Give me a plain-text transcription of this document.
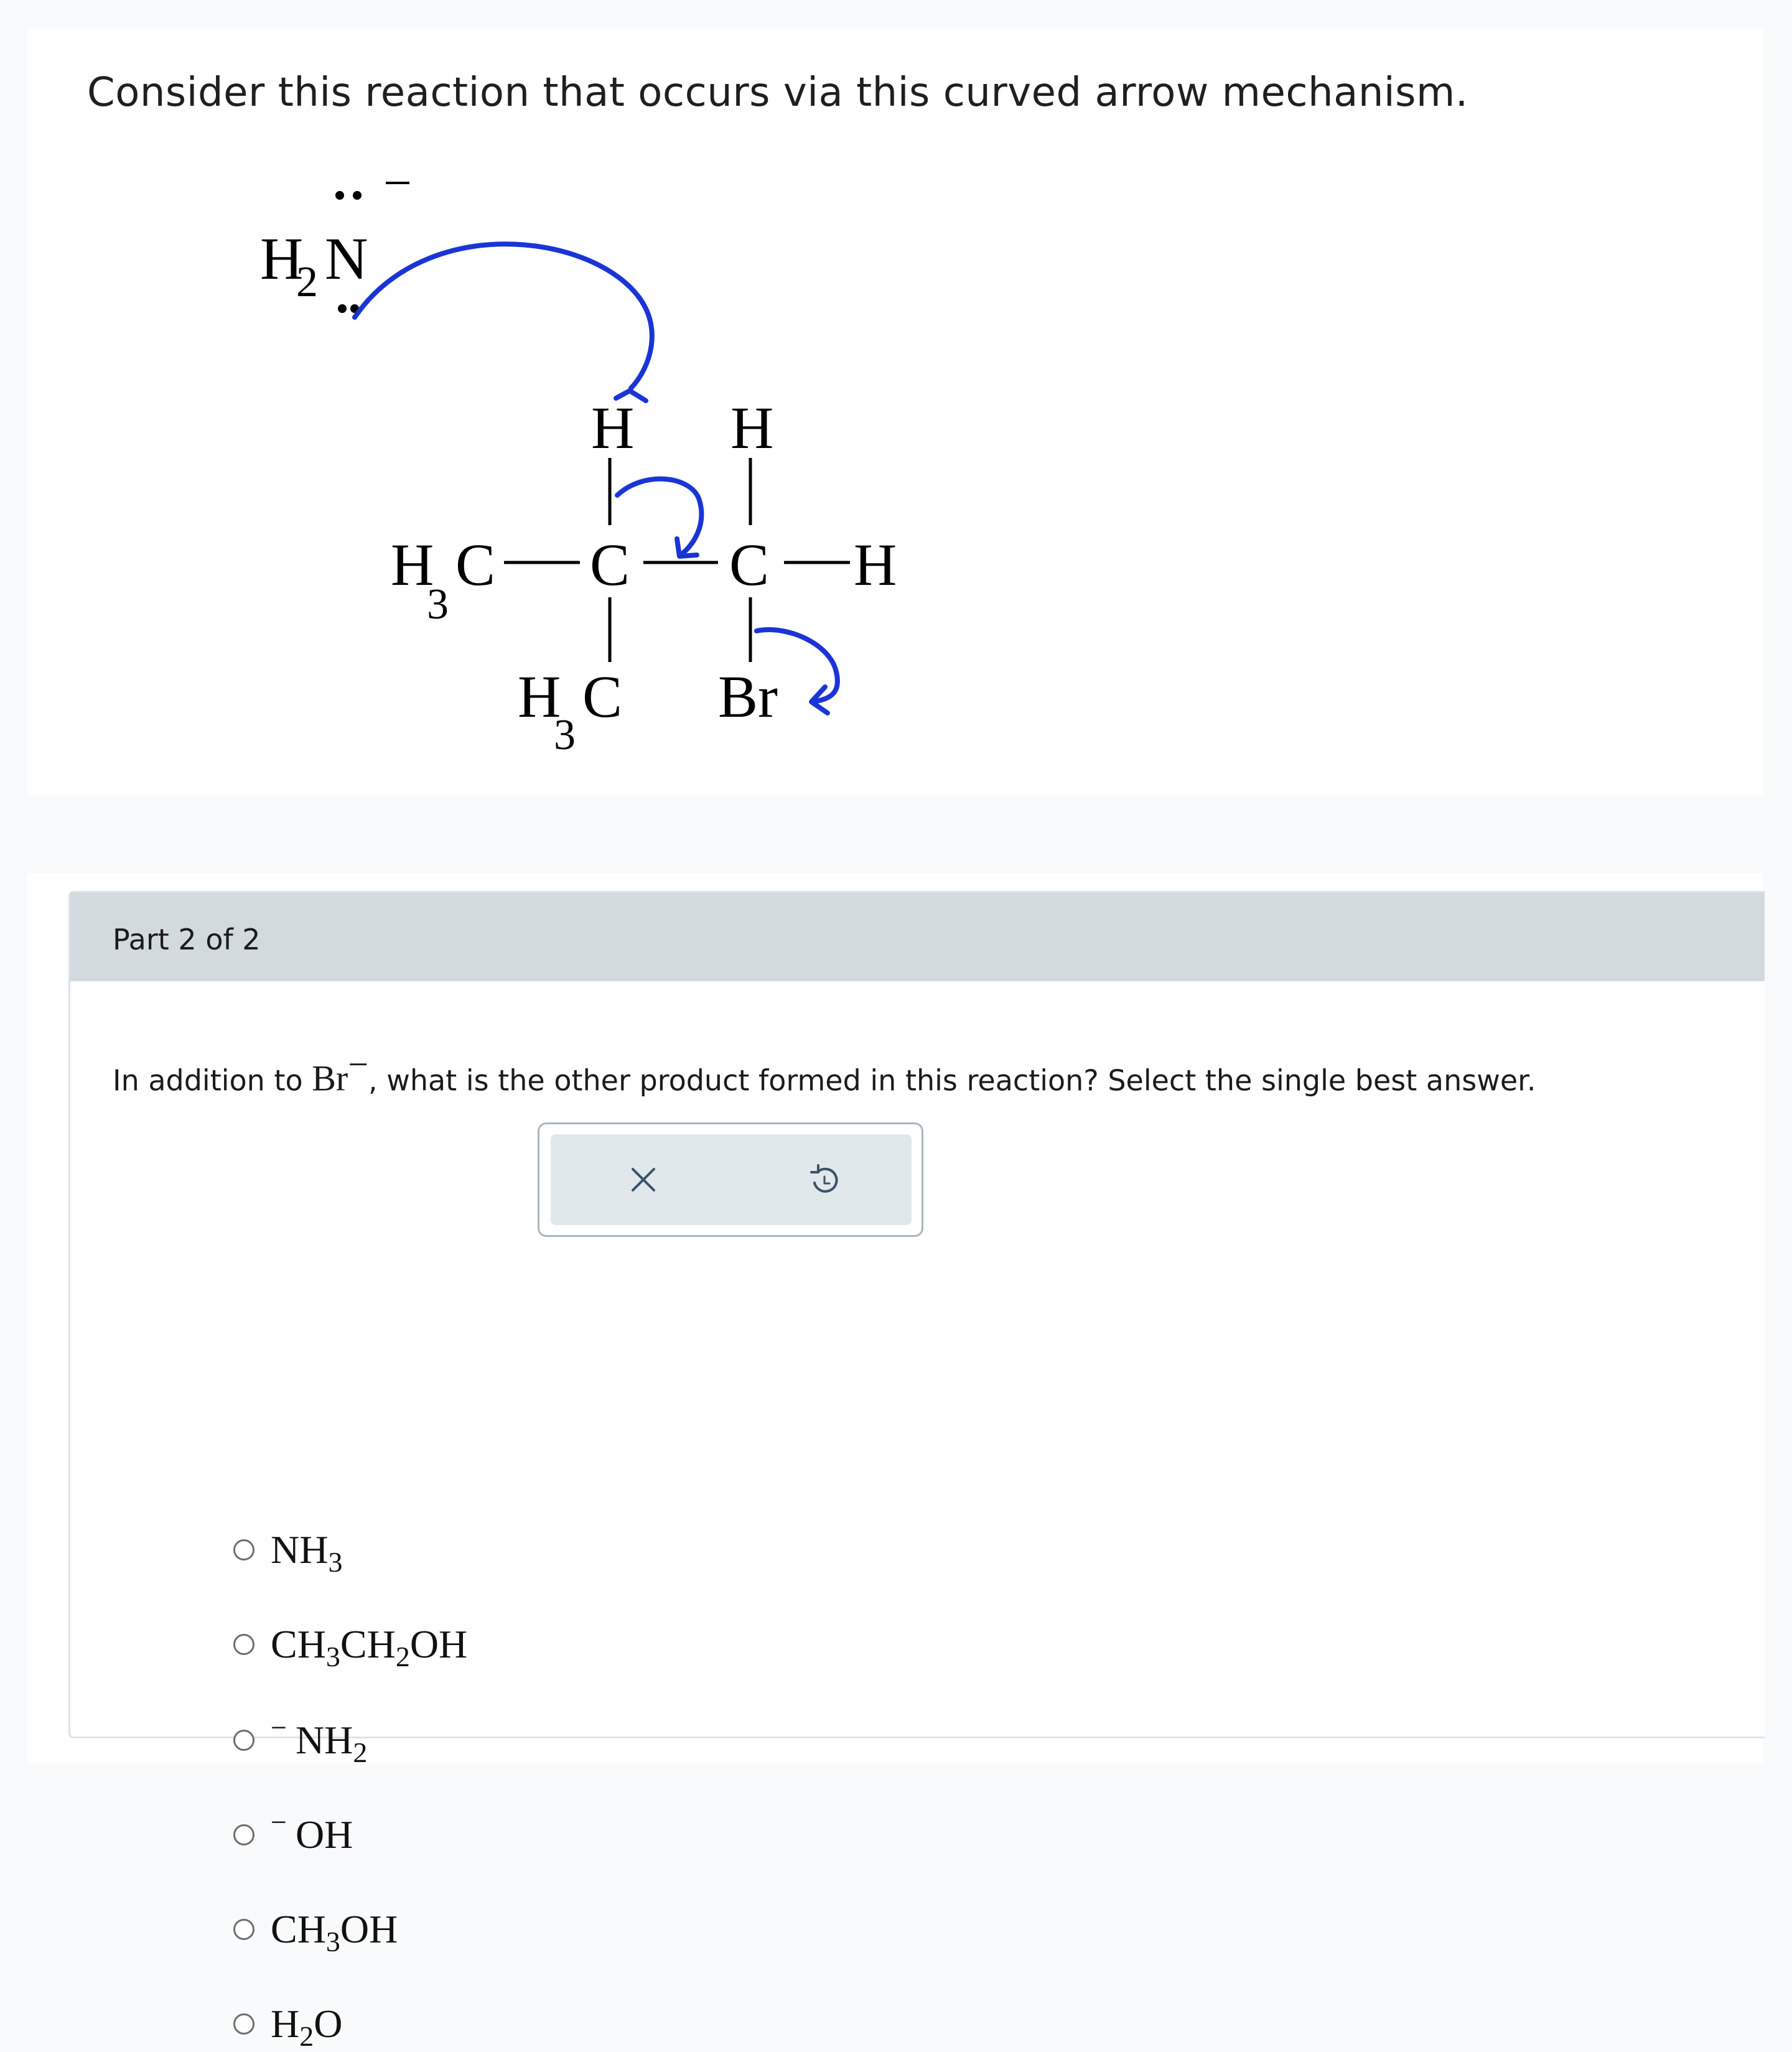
Consider this reaction that occurs via this curved arrow mechanism.
H
2 N
H H
H
3
C C C H
H
3
C Br
Part 2 of 2
In addition to Br−, what is the other product formed in this reaction? Select the single best answer.
$NH_3$
$CH_3CH_2OH$
− $NH_2$
− OH
$CH_3OH$
$H_2O$
